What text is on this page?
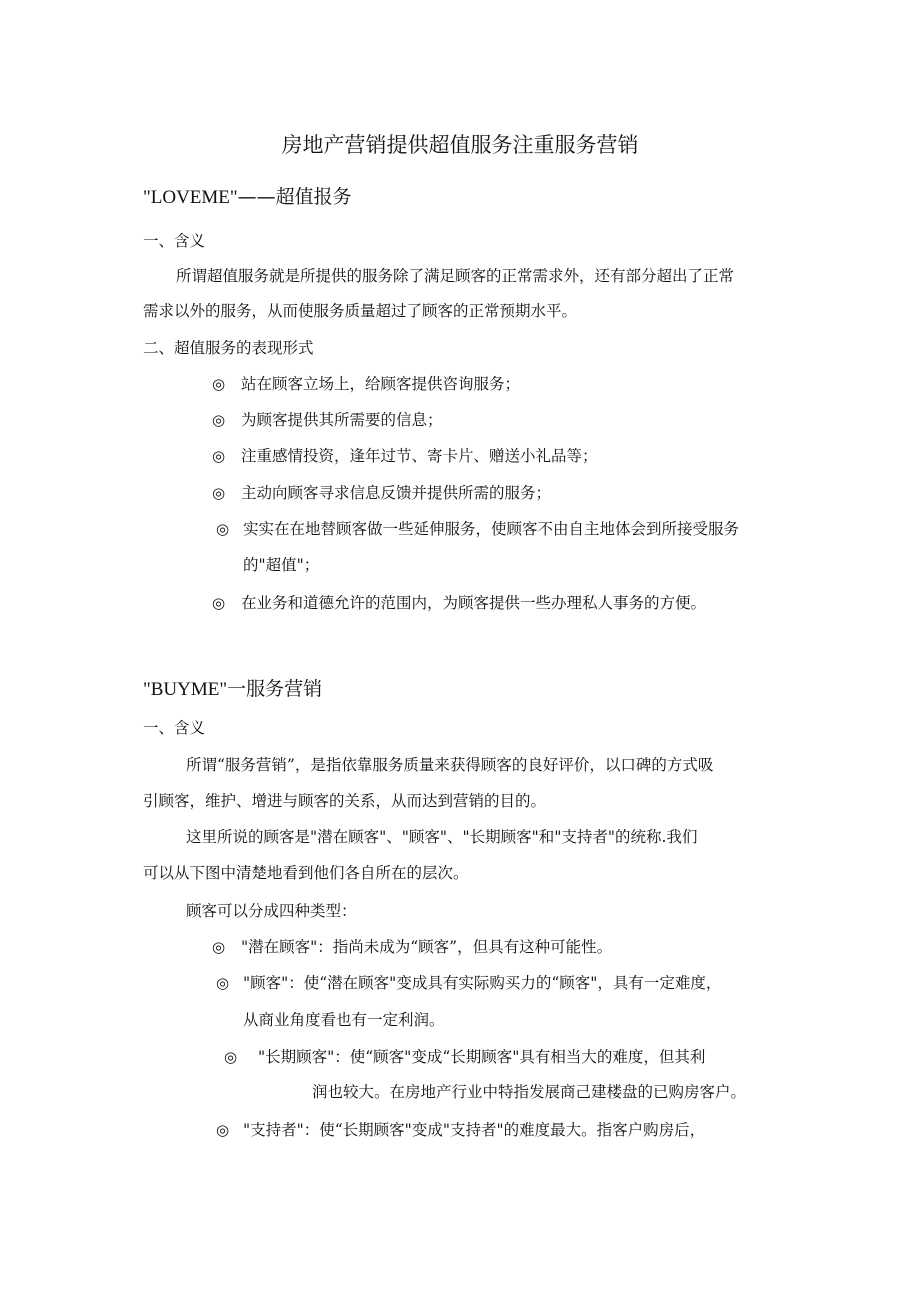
房地产营销提供超值服务注重服务营销
"LOVEME"——超值报务
一、含义
所谓超值服务就是所提供的服务除了满足顾客的正常需求外，还有部分超出了正常
需求以外的服务，从而使服务质量超过了顾客的正常预期水平。
二、超值服务的表现形式
◎ 站在顾客立场上，给顾客提供咨询服务；
◎ 为顾客提供其所需要的信息；
◎ 注重感情投资，逢年过节、寄卡片、赠送小礼品等；
◎ 主动向顾客寻求信息反馈并提供所需的服务；
◎ 实实在在地替顾客做一些延伸服务，使顾客不由自主地体会到所接受服务
的"超值"；
◎ 在业务和道德允许的范围内，为顾客提供一些办理私人事务的方便。
"BUYME"一服务营销
一、含义
所谓“服务营销”，是指依靠服务质量来获得顾客的良好评价，以口碑的方式吸
引顾客，维护、增进与顾客的关系，从而达到营销的目的。
这里所说的顾客是"潜在顾客"、"顾客"、"长期顾客"和"支持者"的统称.我们
可以从下图中清楚地看到他们各自所在的层次。
顾客可以分成四种类型：
◎ "潜在顾客"：指尚未成为“顾客”，但具有这种可能性。
◎ "顾客"：使“潜在顾客"变成具有实际购买力的“顾客"，具有一定难度，
从商业角度看也有一定利润。
◎ "长期顾客"：使“顾客"变成“长期顾客"具有相当大的难度，但其利
润也较大。在房地产行业中特指发展商己建楼盘的已购房客户。
◎ "支持者"：使“长期顾客"变成"支持者"的难度最大。指客户购房后，
